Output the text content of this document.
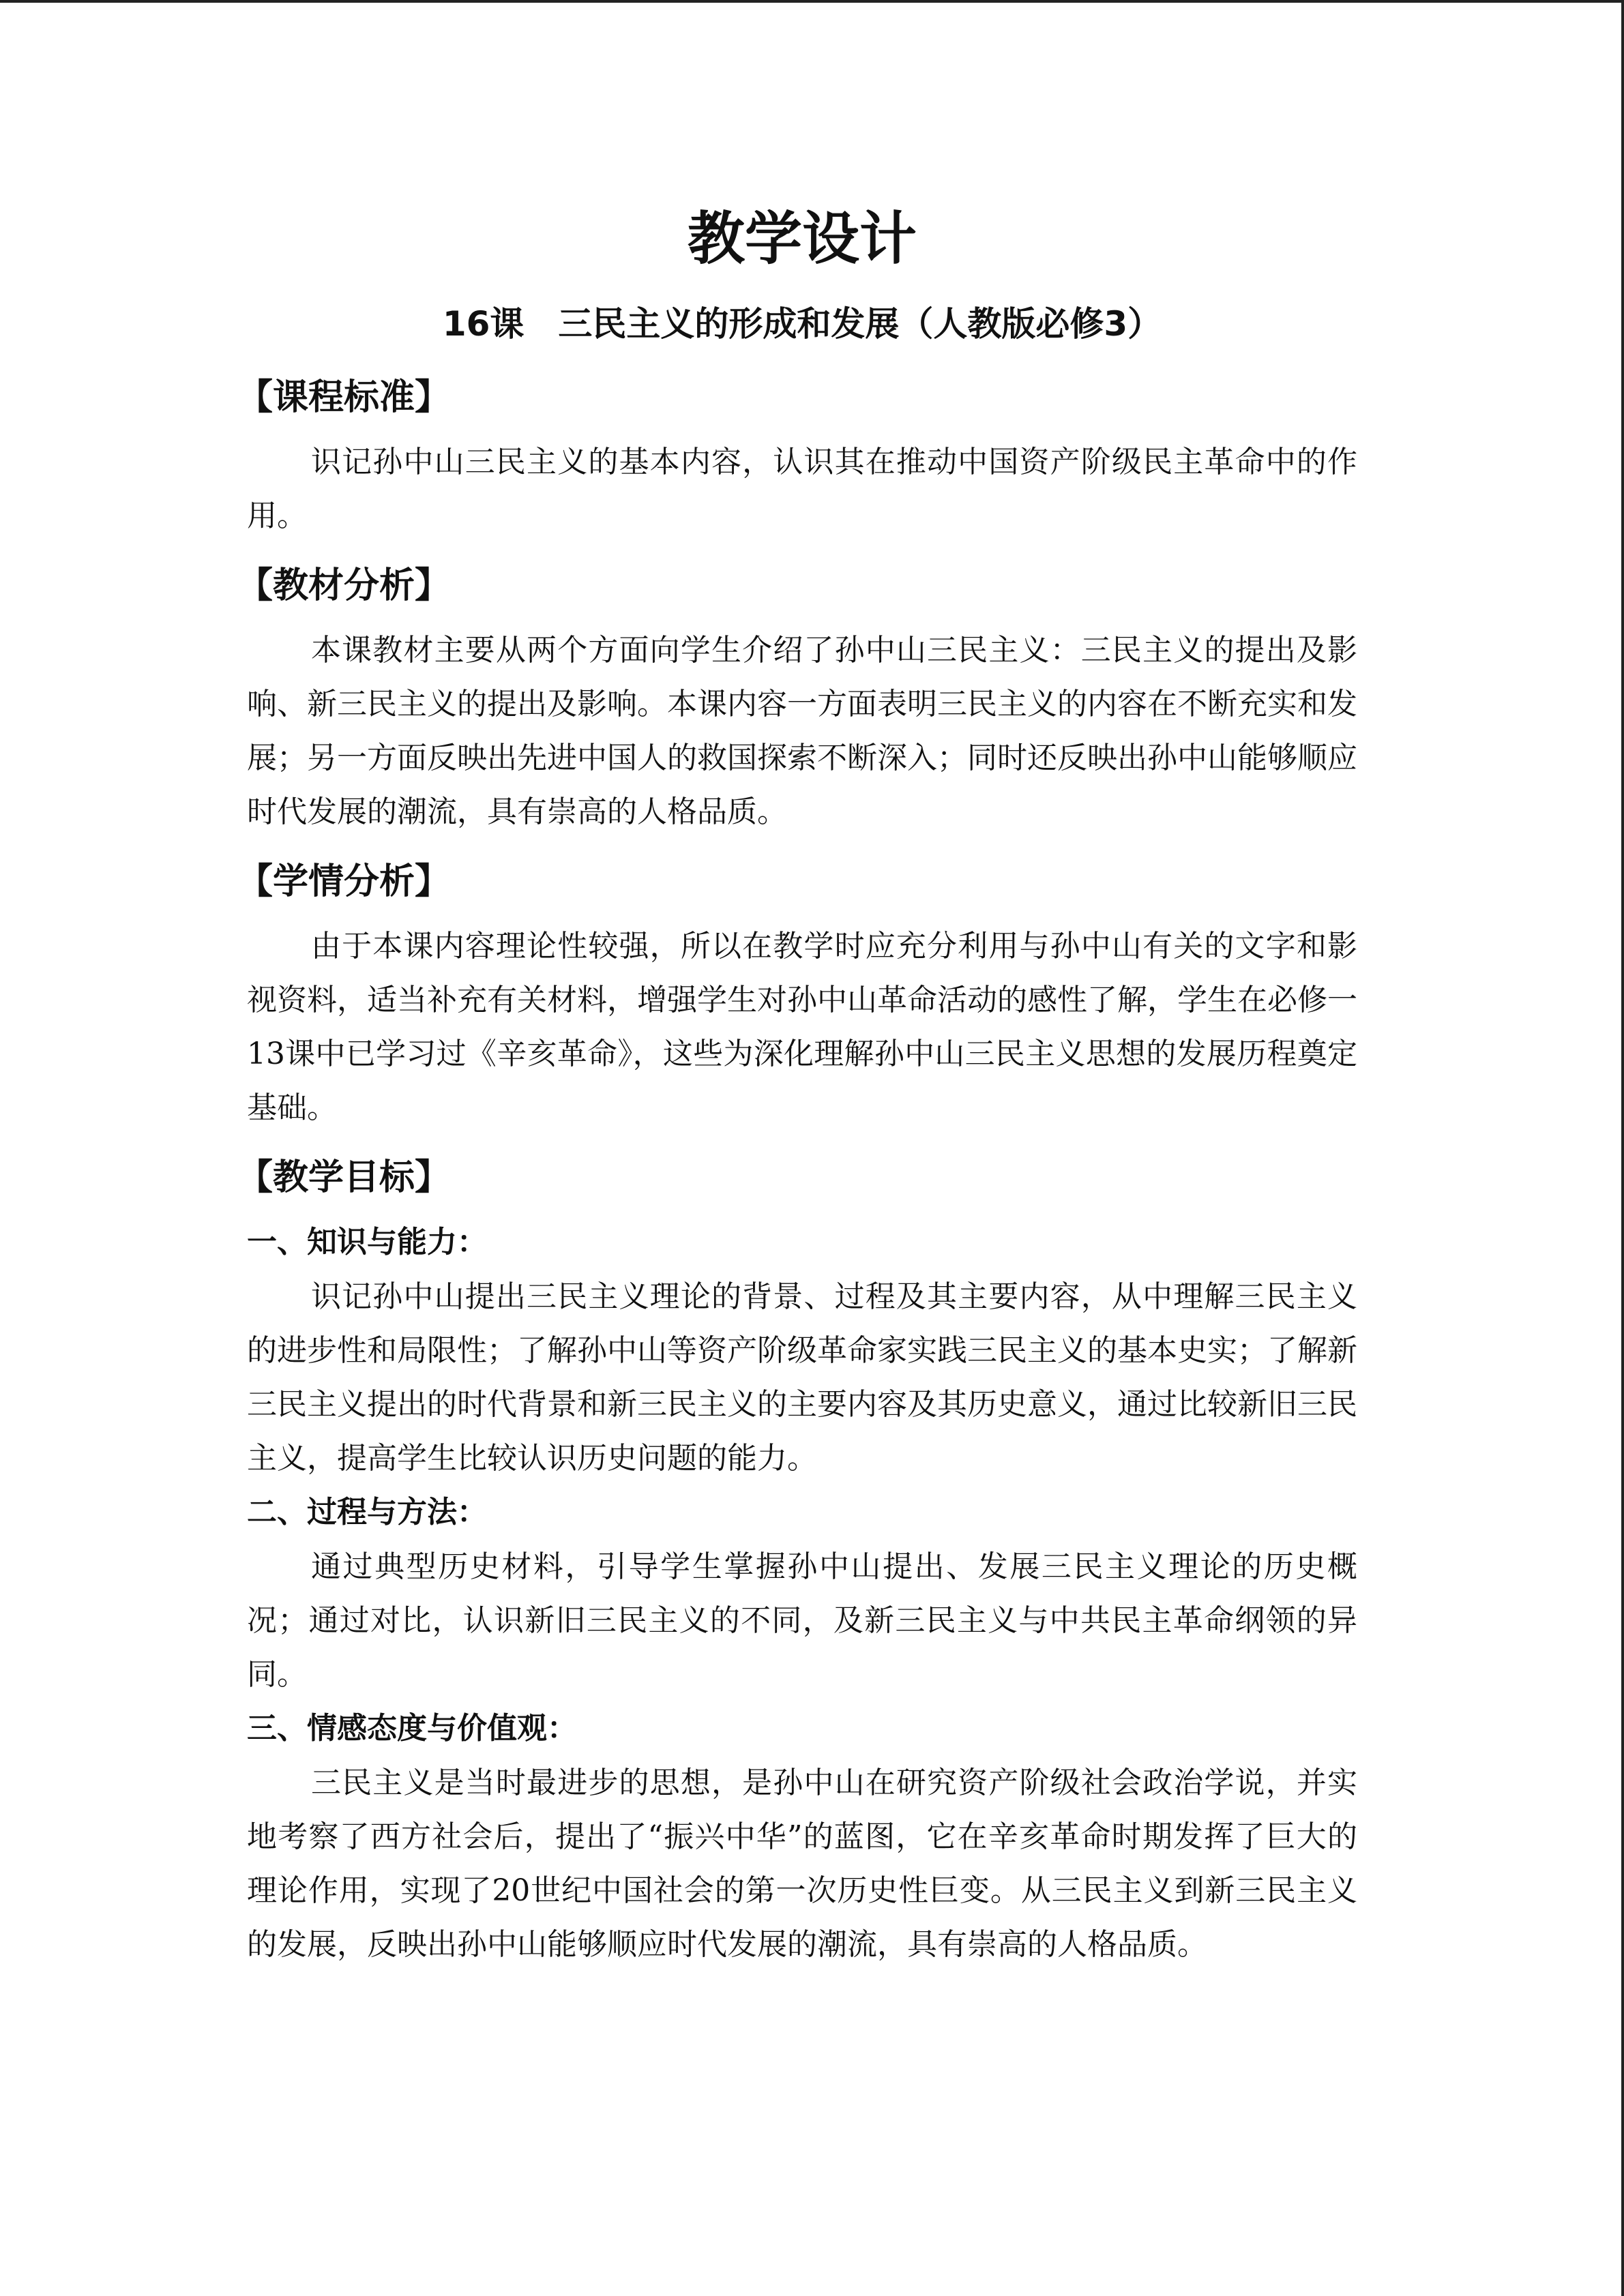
教学设计
16课　三民主义的形成和发展（人教版必修3）
【课程标准】

识记孙中山三民主义的基本内容，认识其在推动中国资产阶级民主革命中的作用。

【教材分析】

本课教材主要从两个方面向学生介绍了孙中山三民主义：三民主义的提出及影响、新三民主义的提出及影响。本课内容一方面表明三民主义的内容在不断充实和发展；另一方面反映出先进中国人的救国探索不断深入；同时还反映出孙中山能够顺应时代发展的潮流，具有崇高的人格品质。

【学情分析】

由于本课内容理论性较强，所以在教学时应充分利用与孙中山有关的文字和影视资料，适当补充有关材料，增强学生对孙中山革命活动的感性了解，学生在必修一13课中已学习过《辛亥革命》，这些为深化理解孙中山三民主义思想的发展历程奠定基础。

【教学目标】
一、知识与能力：

识记孙中山提出三民主义理论的背景、过程及其主要内容，从中理解三民主义的进步性和局限性；了解孙中山等资产阶级革命家实践三民主义的基本史实；了解新三民主义提出的时代背景和新三民主义的主要内容及其历史意义，通过比较新旧三民主义，提高学生比较认识历史问题的能力。

二、过程与方法：

通过典型历史材料，引导学生掌握孙中山提出、发展三民主义理论的历史概况；通过对比，认识新旧三民主义的不同，及新三民主义与中共民主革命纲领的异同。

三、情感态度与价值观：

三民主义是当时最进步的思想，是孙中山在研究资产阶级社会政治学说，并实地考察了西方社会后，提出了“振兴中华”的蓝图，它在辛亥革命时期发挥了巨大的理论作用，实现了20世纪中国社会的第一次历史性巨变。从三民主义到新三民主义的发展，反映出孙中山能够顺应时代发展的潮流，具有崇高的人格品质。
